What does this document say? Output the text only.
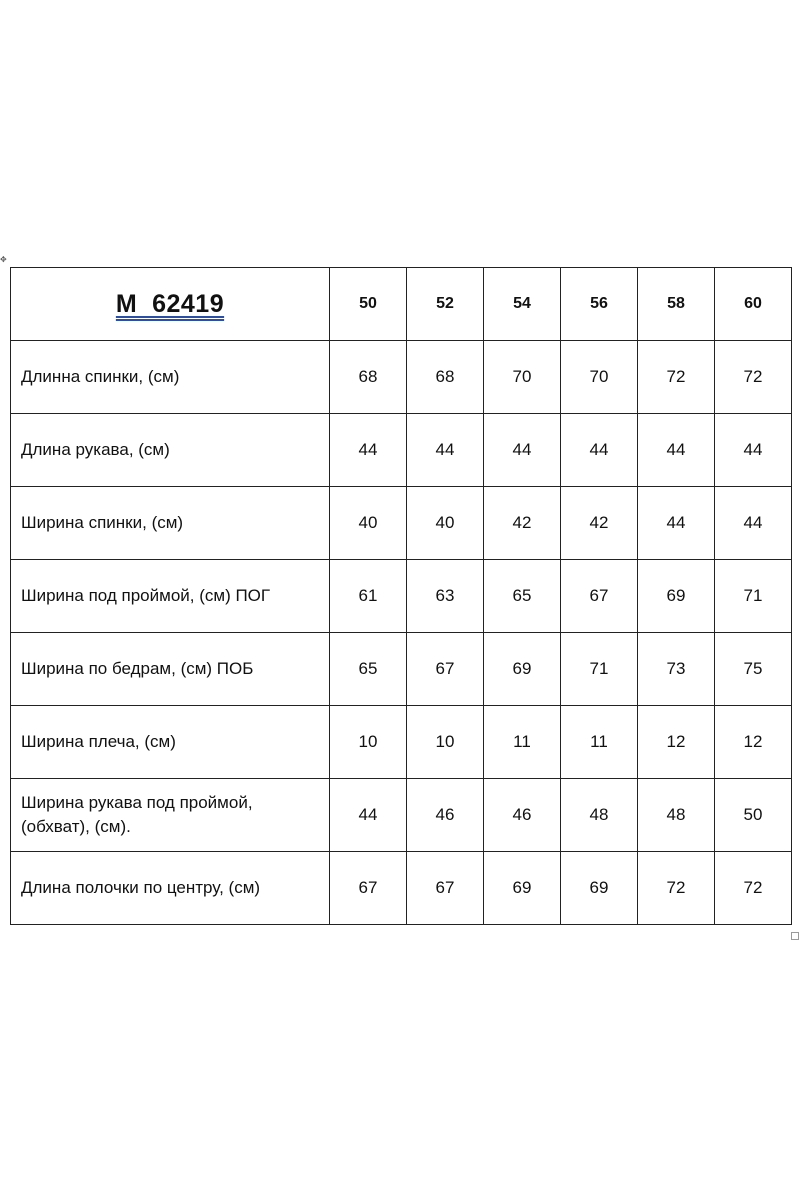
✥
M  62419	50	52	54	56	58	60
Длинна спинки, (см)	68	68	70	70	72	72
Длина рукава, (см)	44	44	44	44	44	44
Ширина спинки, (см)	40	40	42	42	44	44
Ширина под проймой, (см) ПОГ	61	63	65	67	69	71
Ширина по бедрам, (см) ПОБ	65	67	69	71	73	75
Ширина плеча, (см)	10	10	11	11	12	12
Ширина рукава под проймой, (обхват), (см).	44	46	46	48	48	50
Длина полочки по центру, (см)	67	67	69	69	72	72
